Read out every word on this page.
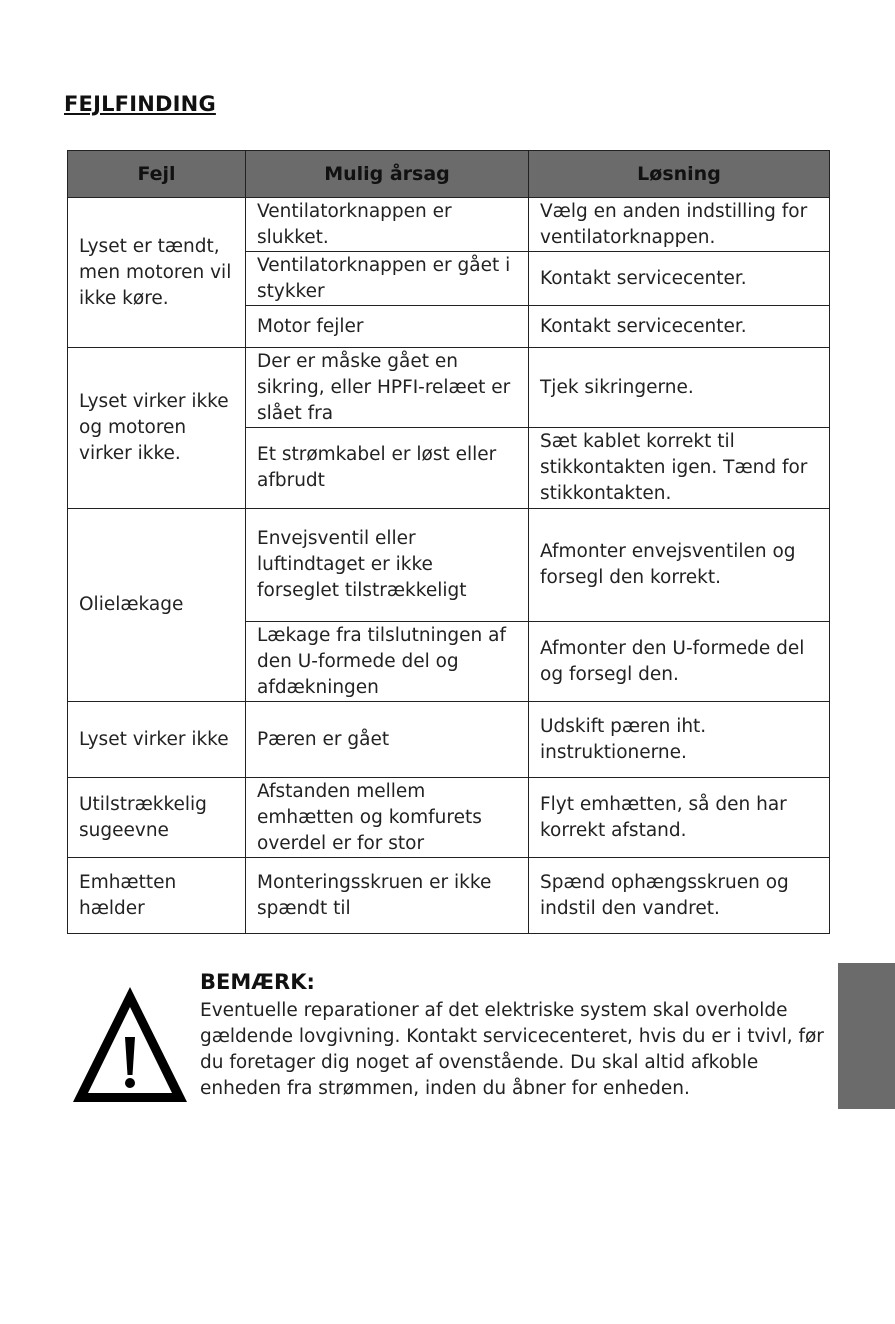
FEJLFINDING
Fejl	Mulig årsag	Løsning
Lyset er tændt, men motoren vil ikke køre.	Ventilatorknappen er slukket.	Vælg en anden indstilling for ventilatorknappen.
	Ventilatorknappen er gået i stykker	Kontakt servicecenter.
	Motor fejler	Kontakt servicecenter.
Lyset virker ikke og motoren virker ikke.	Der er måske gået en sikring, eller HPFI-relæet er slået fra	Tjek sikringerne.
	Et strømkabel er løst eller afbrudt	Sæt kablet korrekt til stikkontakten igen. Tænd for stikkontakten.
Olielækage	Envejsventil eller luftindtaget er ikke forseglet tilstrækkeligt	Afmonter envejsventilen og forsegl den korrekt.
	Lækage fra tilslutningen af den U-formede del og afdækningen	Afmonter den U-formede del og forsegl den.
Lyset virker ikke	Pæren er gået	Udskift pæren iht. instruktionerne.
Utilstrækkelig sugeevne	Afstanden mellem emhætten og komfurets overdel er for stor	Flyt emhætten, så den har korrekt afstand.
Emhætten hælder	Monteringsskruen er ikke spændt til	Spænd ophængsskruen og indstil den vandret.
BEMÆRK:
Eventuelle reparationer af det elektriske system skal overholde gældende lovgivning. Kontakt servicecenteret, hvis du er i tvivl, før du foretager dig noget af ovenstående. Du skal altid afkoble enheden fra strømmen, inden du åbner for enheden.
